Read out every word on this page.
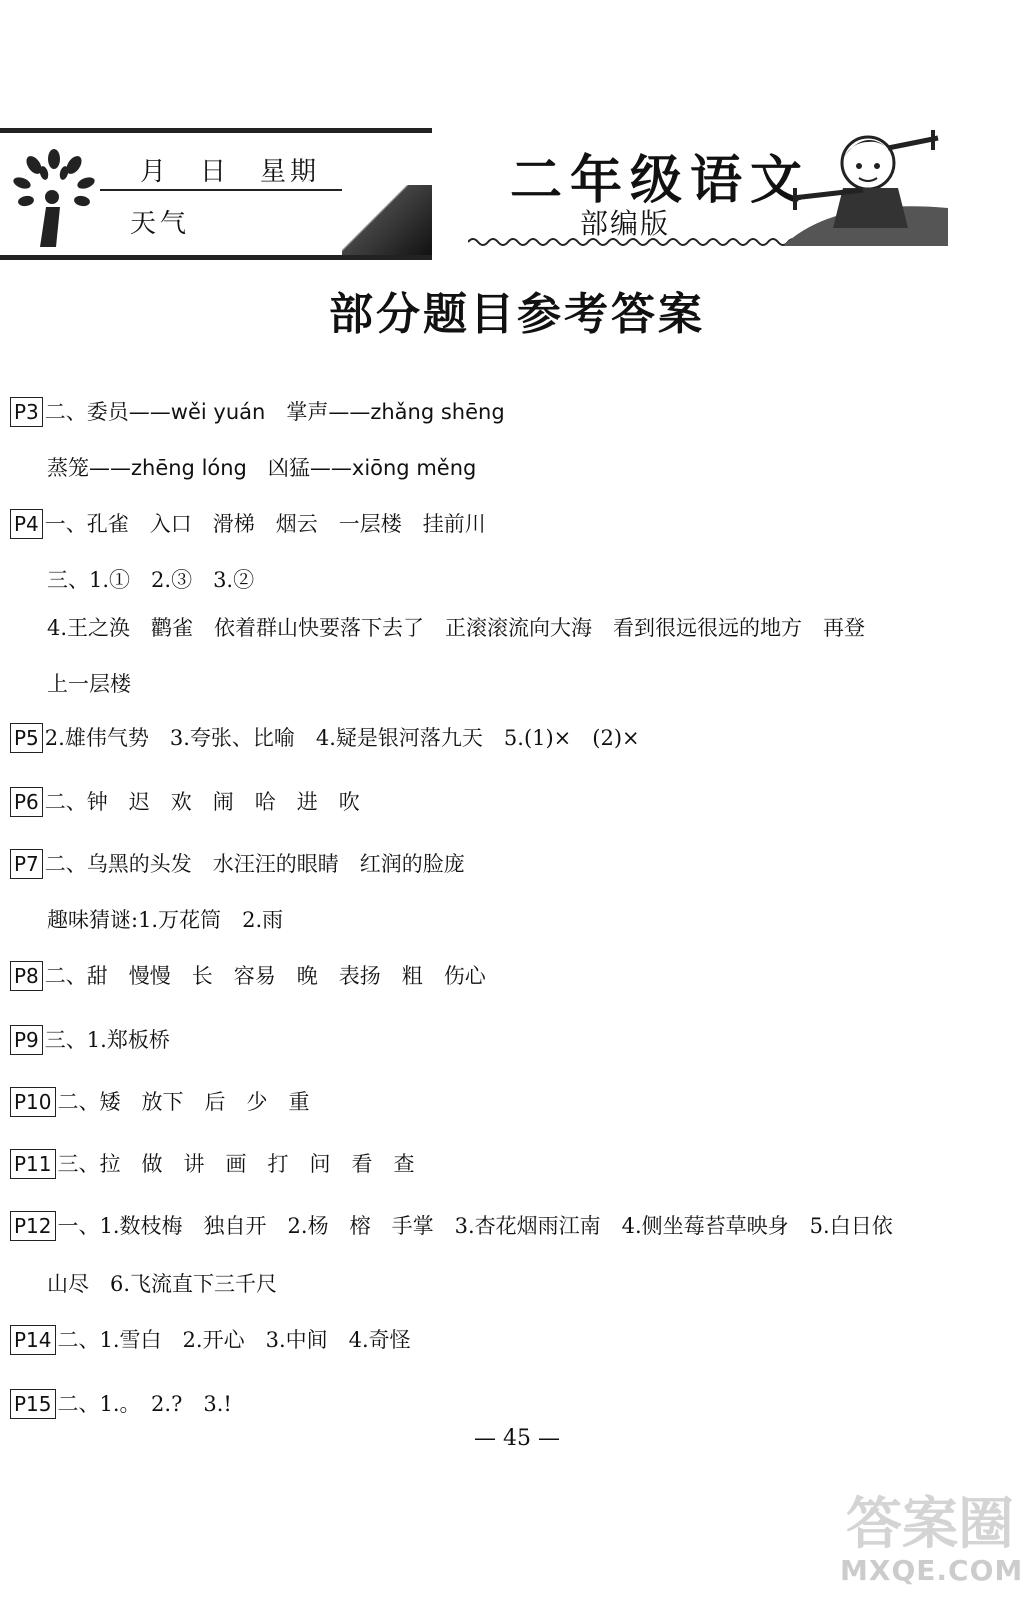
月　日　星期
天气
二年级语文
部编版
部分题目参考答案
P3 二、委员——wěi yuán　掌声——zhǎng shēng
蒸笼——zhēng lóng　凶猛——xiōng měng
P4 一、孔雀　入口　滑梯　烟云　一层楼　挂前川
三、1.①　2.③　3.②
4.王之涣　鹳雀　依着群山快要落下去了　正滚滚流向大海　看到很远很远的地方　再登
上一层楼
P5 2.雄伟气势　3.夸张、比喻　4.疑是银河落九天　5.(1)×　(2)×
P6 二、钟　迟　欢　闹　哈　进　吹
P7 二、乌黑的头发　水汪汪的眼睛　红润的脸庞
趣味猜谜:1.万花筒　2.雨
P8 二、甜　慢慢　长　容易　晚　表扬　粗　伤心
P9 三、1.郑板桥
P10 二、矮　放下　后　少　重
P11 三、拉　做　讲　画　打　问　看　查
P12 一、1.数枝梅　独自开　2.杨　榕　手掌　3.杏花烟雨江南　4.侧坐莓苔草映身　5.白日依
山尽　6.飞流直下三千尺
P14 二、1.雪白　2.开心　3.中间　4.奇怪
P15 二、1.。　2.?　3.!
— 45 —
答案圈
MXQE.COM
